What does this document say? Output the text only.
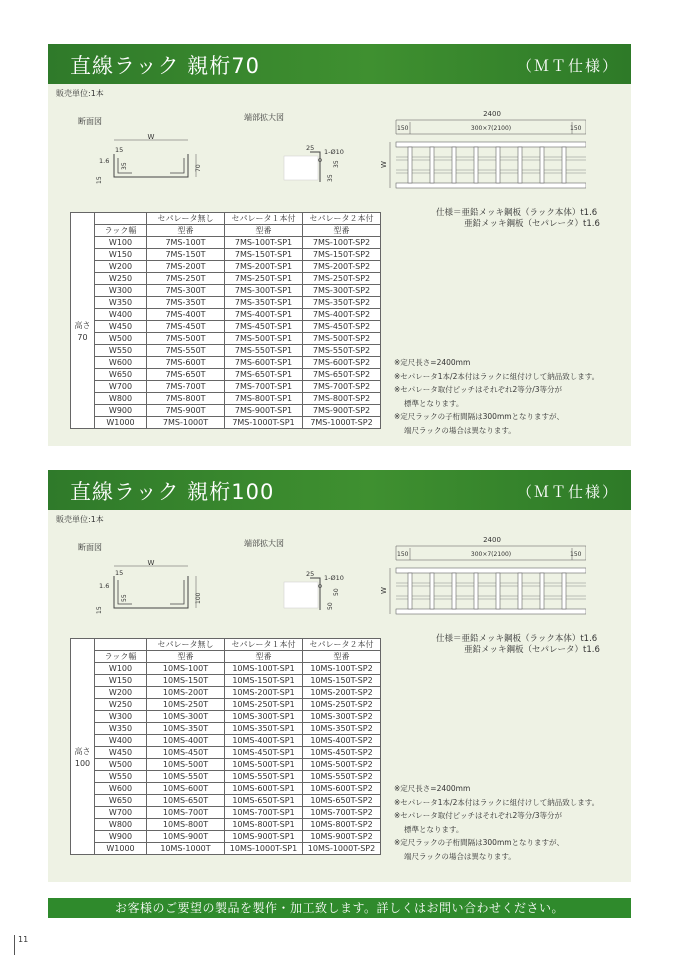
直線ラック 親桁70	（ＭＴ仕様）
販売単位:1本
断面図	端部拡大図
W
15
1.6
35	70
15
25 1-Ø10
35
35
2400
150	300×7(2100)	150
W
		セパレータ無し	セパレータ１本付	セパレータ２本付
	ラック幅	型番	型番	型番

高さ
70	W100	7MS-100T	7MS-100T-SP1	7MS-100T-SP2
	W150	7MS-150T	7MS-150T-SP1	7MS-150T-SP2
	W200	7MS-200T	7MS-200T-SP1	7MS-200T-SP2
	W250	7MS-250T	7MS-250T-SP1	7MS-250T-SP2
	W300	7MS-300T	7MS-300T-SP1	7MS-300T-SP2
	W350	7MS-350T	7MS-350T-SP1	7MS-350T-SP2
	W400	7MS-400T	7MS-400T-SP1	7MS-400T-SP2
	W450	7MS-450T	7MS-450T-SP1	7MS-450T-SP2
	W500	7MS-500T	7MS-500T-SP1	7MS-500T-SP2
	W550	7MS-550T	7MS-550T-SP1	7MS-550T-SP2
	W600	7MS-600T	7MS-600T-SP1	7MS-600T-SP2
	W650	7MS-650T	7MS-650T-SP1	7MS-650T-SP2
	W700	7MS-700T	7MS-700T-SP1	7MS-700T-SP2
	W800	7MS-800T	7MS-800T-SP1	7MS-800T-SP2
	W900	7MS-900T	7MS-900T-SP1	7MS-900T-SP2
	W1000	7MS-1000T	7MS-1000T-SP1	7MS-1000T-SP2
仕様＝亜鉛メッキ鋼板（ラック本体）t1.6
亜鉛メッキ鋼板（セパレータ）t1.6
※定尺長さ=2400mm
※セパレータ1本/2本付はラックに組付けして納品致します。
※セパレータ取付ピッチはそれぞれ2等分/3等分が
標準となります。
※定尺ラックの子桁間隔は300mmとなりますが、
端尺ラックの場合は異なります。
直線ラック 親桁100	（ＭＴ仕様）
販売単位:1本
断面図	端部拡大図
W
15
1.6
55	100
15
25 1-Ø10
50
50
2400
150	300×7(2100)	150
W
		セパレータ無し	セパレータ１本付	セパレータ２本付
	ラック幅	型番	型番	型番

高さ
100	W100	10MS-100T	10MS-100T-SP1	10MS-100T-SP2
	W150	10MS-150T	10MS-150T-SP1	10MS-150T-SP2
	W200	10MS-200T	10MS-200T-SP1	10MS-200T-SP2
	W250	10MS-250T	10MS-250T-SP1	10MS-250T-SP2
	W300	10MS-300T	10MS-300T-SP1	10MS-300T-SP2
	W350	10MS-350T	10MS-350T-SP1	10MS-350T-SP2
	W400	10MS-400T	10MS-400T-SP1	10MS-400T-SP2
	W450	10MS-450T	10MS-450T-SP1	10MS-450T-SP2
	W500	10MS-500T	10MS-500T-SP1	10MS-500T-SP2
	W550	10MS-550T	10MS-550T-SP1	10MS-550T-SP2
	W600	10MS-600T	10MS-600T-SP1	10MS-600T-SP2
	W650	10MS-650T	10MS-650T-SP1	10MS-650T-SP2
	W700	10MS-700T	10MS-700T-SP1	10MS-700T-SP2
	W800	10MS-800T	10MS-800T-SP1	10MS-800T-SP2
	W900	10MS-900T	10MS-900T-SP1	10MS-900T-SP2
	W1000	10MS-1000T	10MS-1000T-SP1	10MS-1000T-SP2
仕様＝亜鉛メッキ鋼板（ラック本体）t1.6
亜鉛メッキ鋼板（セパレータ）t1.6
※定尺長さ=2400mm
※セパレータ1本/2本付はラックに組付けして納品致します。
※セパレータ取付ピッチはそれぞれ2等分/3等分が
標準となります。
※定尺ラックの子桁間隔は300mmとなりますが、
端尺ラックの場合は異なります。
お客様のご要望の製品を製作・加工致します。詳しくはお問い合わせください。
11
